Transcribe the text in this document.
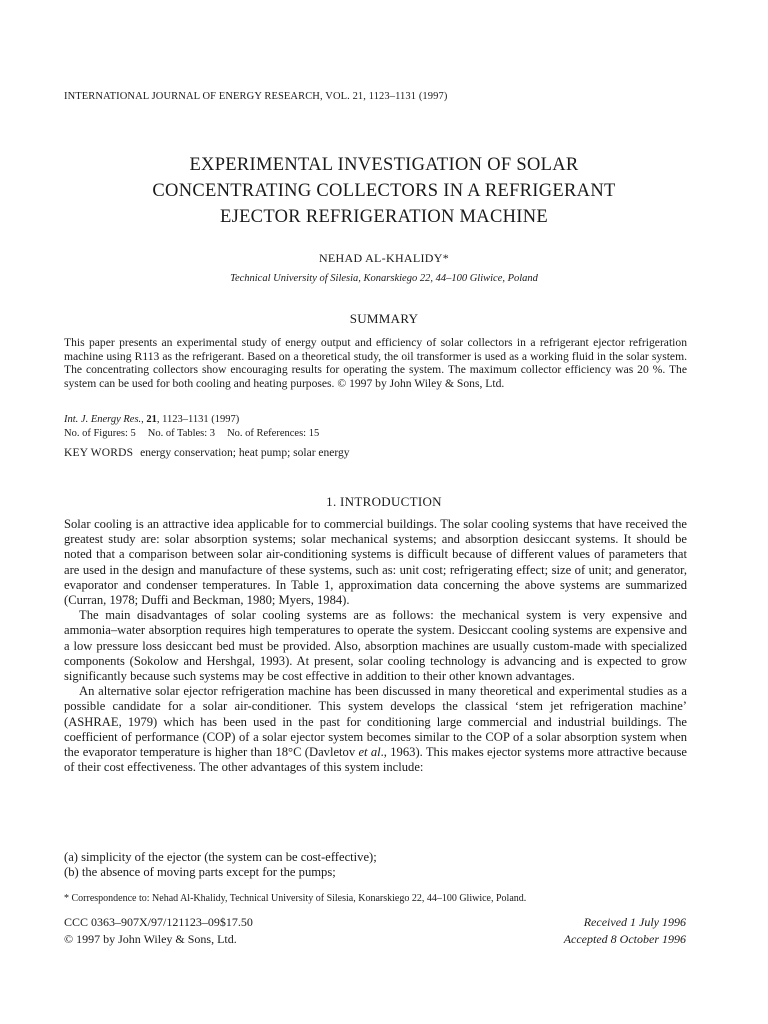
INTERNATIONAL JOURNAL OF ENERGY RESEARCH, VOL. 21, 1123–1131 (1997)
EXPERIMENTAL INVESTIGATION OF SOLAR
CONCENTRATING COLLECTORS IN A REFRIGERANT
EJECTOR REFRIGERATION MACHINE
NEHAD AL-KHALIDY*
Technical University of Silesia, Konarskiego 22, 44–100 Gliwice, Poland
SUMMARY
This paper presents an experimental study of energy output and efficiency of solar collectors in a refrigerant ejector refrigeration machine using R113 as the refrigerant. Based on a theoretical study, the oil transformer is used as a working fluid in the solar system. The concentrating collectors show encouraging results for operating the system. The maximum collector efficiency was 20 %. The system can be used for both cooling and heating purposes. © 1997 by John Wiley & Sons, Ltd.
Int. J. Energy Res., 21, 1123–1131 (1997)
No. of Figures: 5 No. of Tables: 3 No. of References: 15
KEY WORDS energy conservation; heat pump; solar energy
1. INTRODUCTION

Solar cooling is an attractive idea applicable for to commercial buildings. The solar cooling systems that have received the greatest study are: solar absorption systems; solar mechanical systems; and absorption desiccant systems. It should be noted that a comparison between solar air-conditioning systems is difficult because of different values of parameters that are used in the design and manufacture of these systems, such as: unit cost; refrigerating effect; size of unit; and generator, evaporator and condenser temperatures. In Table 1, approximation data concerning the above systems are summarized (Curran, 1978; Duffi and Beckman, 1980; Myers, 1984).

The main disadvantages of solar cooling systems are as follows: the mechanical system is very expensive and ammonia–water absorption requires high temperatures to operate the system. Desiccant cooling systems are expensive and a low pressure loss desiccant bed must be provided. Also, absorption machines are usually custom-made with specialized components (Sokolow and Hershgal, 1993). At present, solar cooling technology is advancing and is expected to grow significantly because such systems may be cost effective in addition to their other known advantages.

An alternative solar ejector refrigeration machine has been discussed in many theoretical and experimental studies as a possible candidate for a solar air-conditioner. This system develops the classical ‘stem jet refrigeration machine’ (ASHRAE, 1979) which has been used in the past for conditioning large commercial and industrial buildings. The coefficient of performance (COP) of a solar ejector system becomes similar to the COP of a solar absorption system when the evaporator temperature is higher than 18°C (Davletov et al., 1963). This makes ejector systems more attractive because of their cost effectiveness. The other advantages of this system include:

(a) simplicity of the ejector (the system can be cost-effective);
(b) the absence of moving parts except for the pumps;
* Correspondence to: Nehad Al-Khalidy, Technical University of Silesia, Konarskiego 22, 44–100 Gliwice, Poland.
CCC 0363–907X/97/121123–09$17.50
© 1997 by John Wiley & Sons, Ltd.
Received 1 July 1996
Accepted 8 October 1996
